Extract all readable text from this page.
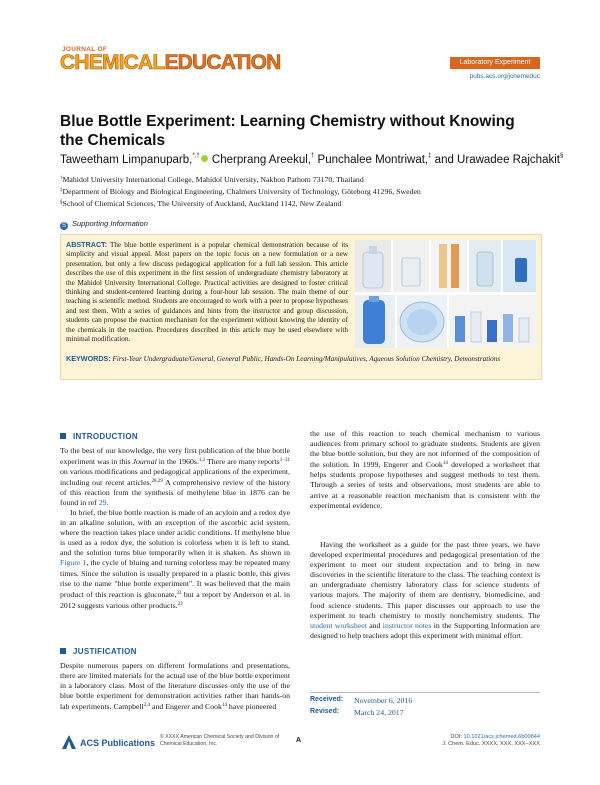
JOURNAL OF
CHEMICALEDUCATION	Laboratory Experiment
pubs.acs.org/jchemeduc
Blue Bottle Experiment: Learning Chemistry without Knowing the Chemicals
Taweetham Limpanuparb,*,† Cherprang Areekul,† Punchalee Montriwat,‡ and Urawadee Rajchakit§
†Mahidol University International College, Mahidol University, Nakhon Pathom 73170, Thailand
‡Department of Biology and Biological Engineering, Chalmers University of Technology, Göteborg 41296, Sweden
§School of Chemical Sciences, The University of Auckland, Auckland 1142, New Zealand
S Supporting Information
ABSTRACT: The blue bottle experiment is a popular chemical demonstration because of its simplicity and visual appeal. Most papers on the topic focus on a new formulation or a new presentation, but only a few discuss pedagogical application for a full lab session. This article describes the use of this experiment in the first session of undergraduate chemistry laboratory at the Mahidol University International College. Practical activities are designed to foster critical thinking and student-centered learning during a four-hour lab session. The main theme of our teaching is scientific method. Students are encouraged to work with a peer to propose hypotheses and test them. With a series of guidances and hints from the instructor and group discussion, students can propose the reaction mechanism for the experiment without knowing the identity of the chemicals in the reaction. Procedures described in this article may be used elsewhere with minimal modification.
KEYWORDS: First-Year Undergraduate/General, General Public, Hands-On Learning/Manipulatives, Aqueous Solution Chemistry, Demonstrations
INTRODUCTION
To the best of our knowledge, the very first publication of the blue bottle experiment was in this Journal in the 1960s.$^{1,2}$ There are many reports$^{1-31}$ on various modifications and pedagogical applications of the experiment, including our recent articles.$^{28,29}$ A comprehensive review of the history of this reaction from the synthesis of methylene blue in 1876 can be found in ref 29.
In brief, the blue bottle reaction is made of an acyloin and a redox dye in an alkaline solution, with an exception of the ascorbic acid system, where the reaction takes place under acidic conditions. If methylene blue is used as a redox dye, the solution is colorless when it is left to stand, and the solution turns blue temporarily when it is shaken. As shown in Figure 1, the cycle of bluing and turning colorless may be repeated many times. Since the solution is usually prepared in a plastic bottle, this gives rise to the name "blue bottle experiment". It was believed that the main product of this reaction is gluconate,$^{32}$ but a report by Anderson et al. in 2012 suggests various other products.$^{23}$
JUSTIFICATION
Despite numerous papers on different formulations and presentations, there are limited materials for the actual use of the blue bottle experiment in a laboratory class. Most of the literature discusses only the use of the blue bottle experiment for demonstration activities rather than hands-on lab experiments. Campbell$^{2,4}$ and Engerer and Cook$^{14}$ have pioneered
the use of this reaction to teach chemical mechanism to various audiences from primary school to graduate students. Students are given the blue bottle solution, but they are not informed of the composition of the solution. In 1999, Engerer and Cook$^{14}$ developed a worksheet that helps students propose hypotheses and suggest methods to test them. Through a series of tests and observations, most students are able to arrive at a reasonable reaction mechanism that is consistent with the experimental evidence.
Having the worksheet as a guide for the past three years, we have developed experimental procedures and pedagogical presentation of the experiment to meet our student expectation and to bring in new discoveries in the scientific literature to the class. The teaching context is an undergraduate chemistry laboratory class for science students of various majors. The majority of them are dentistry, biomedicine, and food science students. This paper discusses our approach to use the experiment to teach chemistry to mostly nonchemistry students. The student worksheet and instructor notes in the Supporting Information are designed to help teachers adopt this experiment with minimal effort.
Received:	November 6, 2016
Revised:	March 24, 2017
ACS Publications
© XXXX American Chemical Society and Division of Chemical Education, Inc.	A	DOI: 10.1021/acs.jchemed.6b00844
J. Chem. Educ. XXXX, XXX, XXX−XXX
